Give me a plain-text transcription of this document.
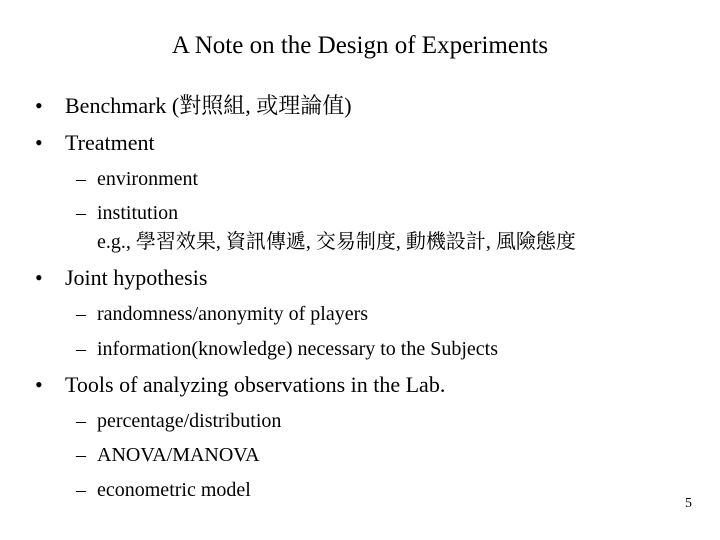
A Note on the Design of Experiments
• Benchmark (對照組, 或理論值)
• Treatment
– environment
– institution
e.g., 學習效果, 資訊傳遞, 交易制度, 動機設計, 風險態度
• Joint hypothesis
– randomness/anonymity of players
– information(knowledge) necessary to the Subjects
• Tools of analyzing observations in the Lab.
– percentage/distribution
– ANOVA/MANOVA
– econometric model
5
